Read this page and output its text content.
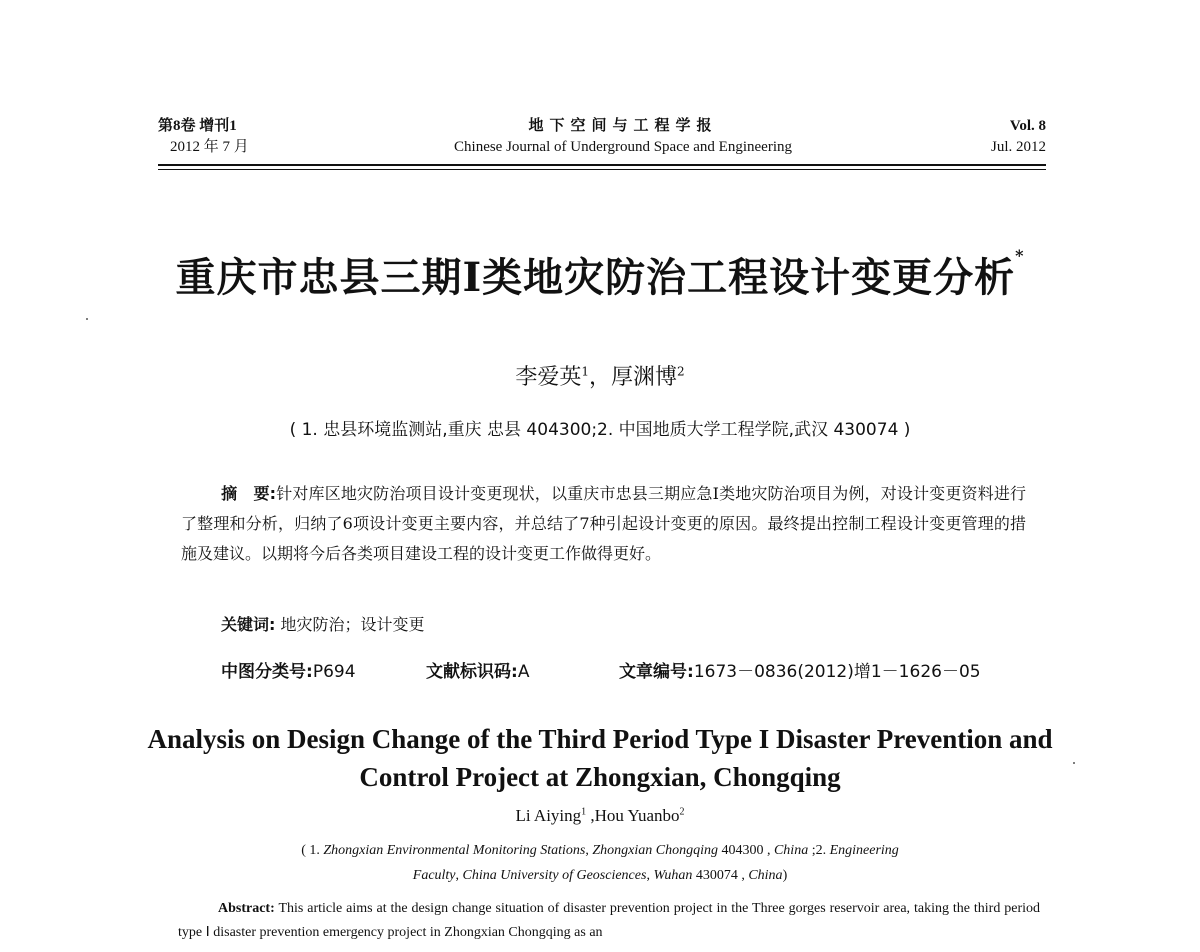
第8卷 增刊1
2012 年 7 月
地下空间与工程学报
Chinese Journal of Underground Space and Engineering
Vol. 8
Jul. 2012
重庆市忠县三期Ⅰ类地灾防治工程设计变更分析*
李爱英$^1$，厚渊博$^2$
( 1. 忠县环境监测站,重庆 忠县 404300;2. 中国地质大学工程学院,武汉 430074 )
摘　要:针对库区地灾防治项目设计变更现状，以重庆市忠县三期应急Ⅰ类地灾防治项目为例，对设计变更资料进行了整理和分析，归纳了6项设计变更主要内容，并总结了7种引起设计变更的原因。最终提出控制工程设计变更管理的措施及建议。以期将今后各类项目建设工程的设计变更工作做得更好。
关键词: 地灾防治；设计变更
中图分类号:P694	文献标识码:A	文章编号:1673－0836(2012)增1－1626－05
Analysis on Design Change of the Third Period Type I Disaster Prevention and
Control Project at Zhongxian, Chongqing
Li Aiying$^1$ ,Hou Yuanbo$^2$
( 1. Zhongxian Environmental Monitoring Stations, Zhongxian Chongqing 404300 , China ;2. Engineering
Faculty, China University of Geosciences, Wuhan 430074 , China)
Abstract: This article aims at the design change situation of disaster prevention project in the Three gorges reservoir area, taking the third period type Ⅰ disaster prevention emergency project in Zhongxian Chongqing as an
